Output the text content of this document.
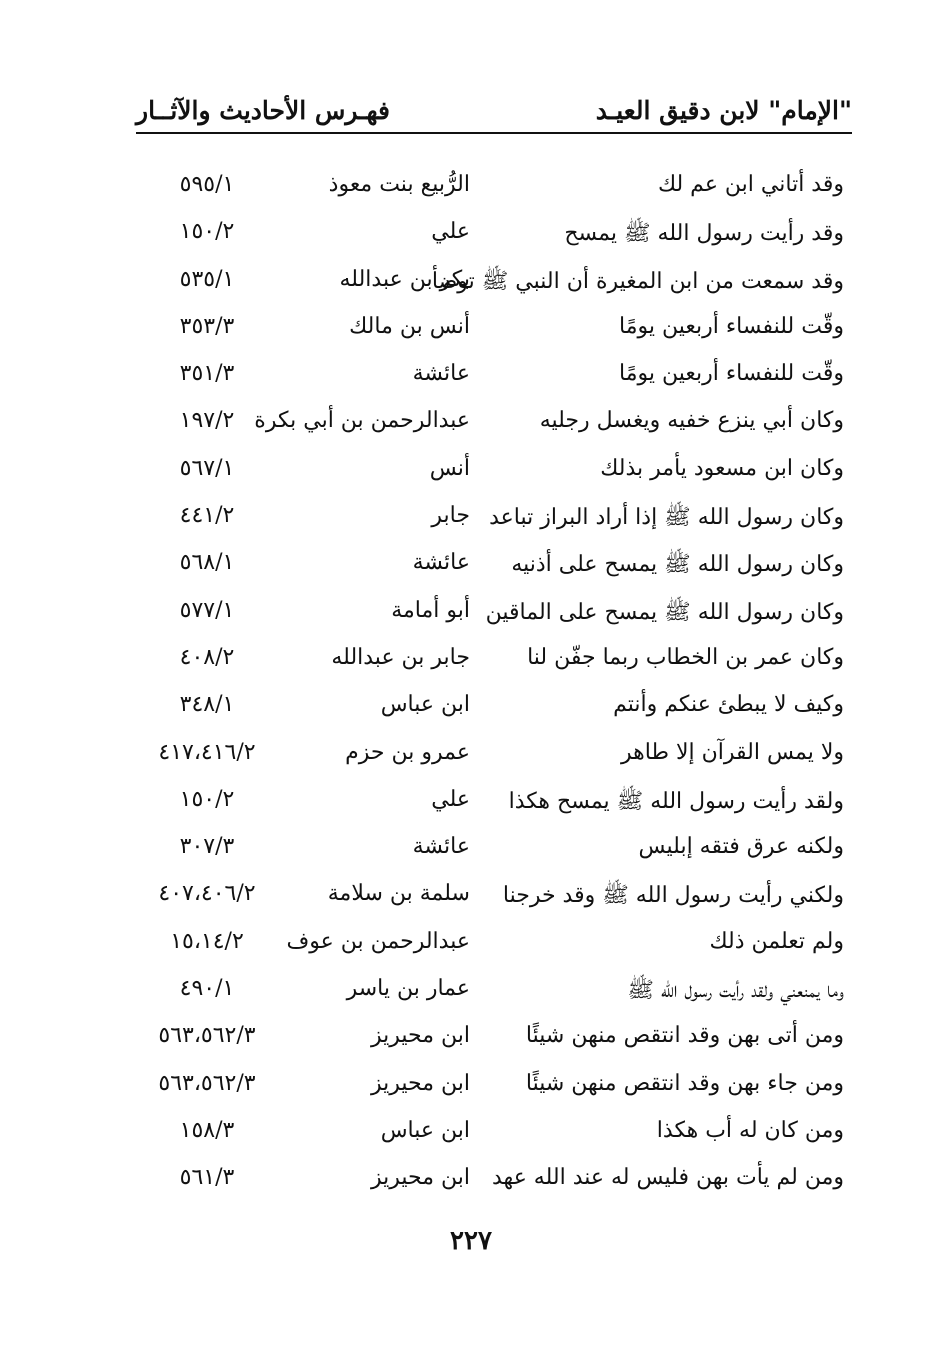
"الإمام" لابن دقيق العيـد
فهـرس الأحاديث والآثــار
وقد أتاني ابن عم لك
الرُّبيع بنت معوذ
٥٩٥/١
وقد رأيت رسول الله ﷺ يمسح
علي
١٥٠/٢
وقد سمعت من ابن المغيرة أن النبي ﷺ توضأ
بكر بن عبدالله
٥٣٥/١
وقّت للنفساء أربعين يومًا
أنس بن مالك
٣٥٣/٣
وقّت للنفساء أربعين يومًا
عائشة
٣٥١/٣
وكان أبي ينزع خفيه ويغسل رجليه
عبدالرحمن بن أبي بكرة
١٩٧/٢
وكان ابن مسعود يأمر بذلك
أنس
٥٦٧/١
وكان رسول الله ﷺ إذا أراد البراز تباعد
جابر
٤٤١/٢
وكان رسول الله ﷺ يمسح على أذنيه
عائشة
٥٦٨/١
وكان رسول الله ﷺ يمسح على الماقين
أبو أمامة
٥٧٧/١
وكان عمر بن الخطاب ربما جفّن لنا
جابر بن عبدالله
٤٠٨/٢
وكيف لا يبطئ عنكم وأنتم
ابن عباس
٣٤٨/١
ولا يمس القرآن إلا طاهر
عمرو بن حزم
٤١٧،٤١٦/٢
ولقد رأيت رسول الله ﷺ يمسح هكذا
علي
١٥٠/٢
ولكنه عرق فتقه إبليس
عائشة
٣٠٧/٣
ولكني رأيت رسول الله ﷺ وقد خرجنا
سلمة بن سلامة
٤٠٧،٤٠٦/٢
ولم تعلمن ذلك
عبدالرحمن بن عوف
١٥،١٤/٢
وما يمنعني ولقد رأيت رسول الله ﷺ
عمار بن ياسر
٤٩٠/١
ومن أتى بهن وقد انتقص منهن شيئًا
ابن محيريز
٥٦٣،٥٦٢/٣
ومن جاء بهن وقد انتقص منهن شيئًا
ابن محيريز
٥٦٣،٥٦٢/٣
ومن كان له أب هكذا
ابن عباس
١٥٨/٣
ومن لم يأت بهن فليس له عند الله عهد
ابن محيريز
٥٦١/٣
٢٢٧
